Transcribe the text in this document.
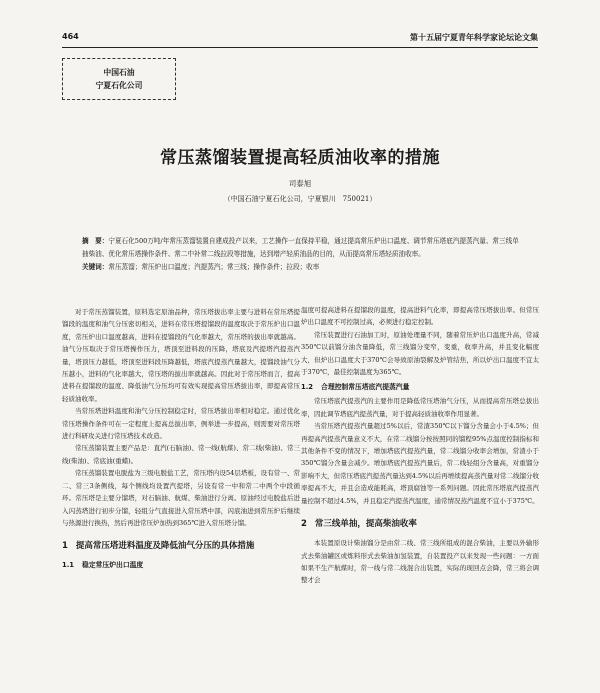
464	第十五届宁夏青年科学家论坛论文集
中国石油
宁夏石化公司
常压蒸馏装置提高轻质油收率的措施
司泰旭
（中国石油宁夏石化公司，宁夏银川　750021）

摘　要：宁夏石化500万吨/年常压蒸馏装置自建成投产以来，工艺操作一直保持平稳，通过提高常压炉出口温度、调节常压塔底汽提蒸汽量、常三线单抽柴油、优化常压塔操作条件、常二中补常二线拉段等措施，达到增产轻质油品的目的，从而提高常压塔轻质油收率。

关键词：常压蒸馏；常压炉出口温度；汽提蒸汽；常三线；操作条件；拉段；收率

对于常压蒸馏装置，原料选定原油品种，常压塔拔出率主要与进料在常压塔提馏段的温度和油气分压密切相关，进料在常压塔提馏段的温度取决于常压炉出口温度，常压炉出口温度越高，进料在提馏段的气化率越大，常压塔的拔出率就越高。油气分压取决于常压塔操作压力，塔顶至进料段的压降，塔底及汽提塔汽提蒸汽量，塔顶压力越低，塔顶至进料段压降越低，塔底汽提蒸汽量越大，提馏段油气分压越小，进料的气化率越大，常压塔的拔出率就越高。因此对于常压塔而言，提高进料在提馏段的温度、降低油气分压均可有效实现提高常压塔拔出率，即提高常压轻质油收率。

当常压塔进料温度和油气分压控制稳定时，常压塔拔出率相对稳定。通过优化常压塔操作条件可在一定程度上提高总拔出率，例举进一步提高，则需要对常压塔进行科研攻关进行常压塔技术改造。

常压蒸馏装置主要产品是：直汽(石脑油)、常一线(航煤)、常二线(柴油)、常三线(柴油)、常底油(重蜡)。

常压蒸馏装置电脱盐为三级电脱盐工艺，常压塔内设54层塔板，设有常一、常二、常三3条侧线，每个侧线均设置汽提塔，另设有常一中和常二中两个中段循环。常压塔是主要分馏塔，对石脑油、航煤、柴油进行分离。原油经过电脱盐后进入闪蒸塔进行初步分馏，轻组分气直接进入常压塔中部，闪底油进到常压炉后继续与热源进行换热，然后再进常压炉加热到365℃进入常压塔分馏。

1 提高常压塔进料温度及降低油气分压的具体措施
1.1 稳定常压炉出口温度

温度可提高进料在提馏段的温度，提高进料气化率，即提高常压塔拔出率。但常压炉出口温度不可控制过高，必须进行稳定控制。

常压装置进行石油加工时，原油处理量不同，随着常压炉出口温度升高，常减350℃以前馏分油含量降低，常三线馏分变窄，变重，收率升高，并且变化幅度大，但炉出口温度大于370℃会导致原油裂解及炉管结焦，所以炉出口温度不宜太于370℃，最佳控制温度为365℃。

1.2 合理控制常压塔底汽提蒸汽量

常压塔底汽提蒸汽的主要作用是降低常压塔油气分压，从而提高常压塔总拔出率，因此调节塔底汽提蒸汽量，对于提高轻质油收率作用显著。

当常压塔汽提蒸汽量超过5%以后，常渣350℃以下馏分含量会小于4.5%；但再提高汽提蒸汽量意义不大，在常二线馏分按按照同的馏程95%点温度控制指标和其他条件不变的情况下，增加塔底汽提蒸汽量，常二线馏分收率会增加，常渣小于350℃馏分含量会减少。增加塔底汽提蒸汽量后，常二线轻组分含量高，对重馏分影响不大，但常压塔底汽提蒸汽量达到4.5%以后再增续提高蒸汽量对常二线馏分收率提高不大，并且会造成能耗高，塔顶腐蚀等一系列问题。因此常压塔底汽提蒸汽量控制不超过4.5%，并且稳定汽提蒸汽温度，通常情况蒸汽温度不宜小于375℃。

2 常三线单抽，提高柴油收率

本装置原设计柴油馏分是由常二线、常三线所组成的混合柴油，主要以外输形式去柴油罐区或炼料形式去柴油加氢装置，自装置投产以来发现一些问题：一方面如果不生产航煤时，常一线与常二线混合出装置，实际的现回点会降，常三将会调整才会
